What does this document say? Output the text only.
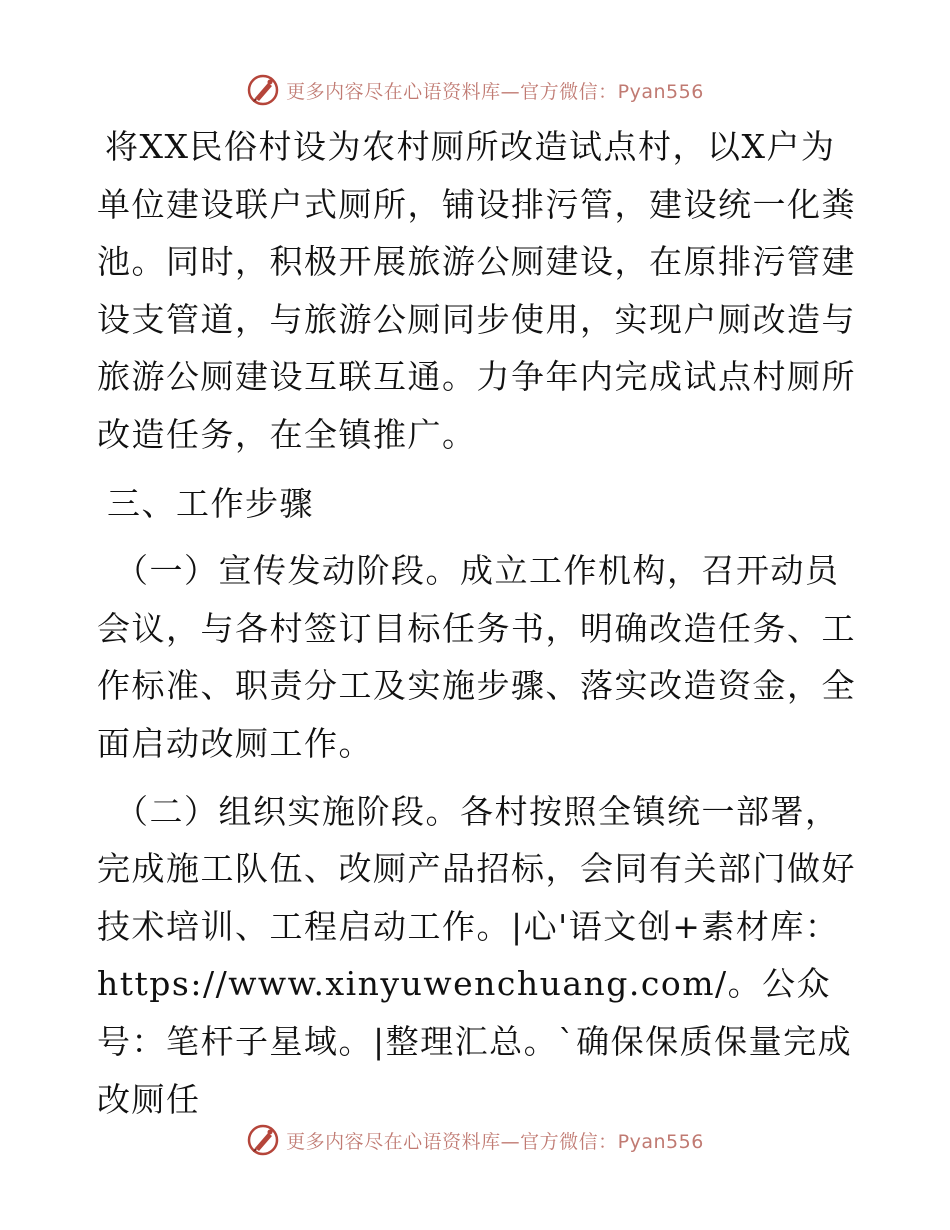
更多内容尽在心语资料库—官方微信：Pyan556

将XX民俗村设为农村厕所改造试点村，以X户为单位建设联户式厕所，铺设排污管，建设统一化粪池。同时，积极开展旅游公厕建设，在原排污管建设支管道，与旅游公厕同步使用，实现户厕改造与旅游公厕建设互联互通。力争年内完成试点村厕所改造任务，在全镇推广。

三、工作步骤

（一）宣传发动阶段。成立工作机构，召开动员会议，与各村签订目标任务书，明确改造任务、工作标准、职责分工及实施步骤、落实改造资金，全面启动改厕工作。

（二）组织实施阶段。各村按照全镇统一部署，完成施工队伍、改厕产品招标，会同有关部门做好技术培训、工程启动工作。|心'语文创+素材库：https://www.xinyuwenchuang.com/。公众号：笔杆子星域。|整理汇总。`确保保质保量完成改厕任

更多内容尽在心语资料库—官方微信：Pyan556
